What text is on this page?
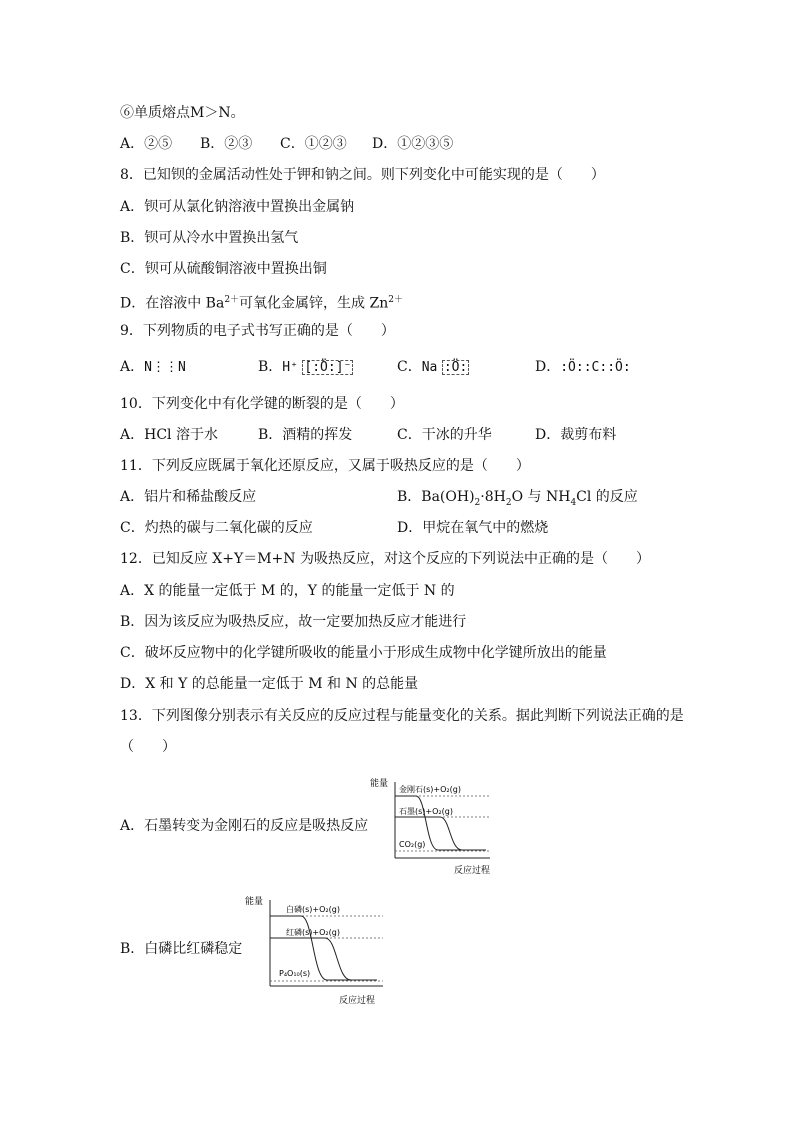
⑥单质熔点M＞N。
A．②⑤ B．②③ C．①②③ D．①②③⑤
8．已知钡的金属活动性处于钾和钠之间。则下列变化中可能实现的是（　　）
A．钡可从氯化钠溶液中置换出金属钠
B．钡可从冷水中置换出氢气
C．钡可从硫酸铜溶液中置换出铜
D．在溶液中 $Ba^{2+}$可氧化金属锌，生成 $Zn^{2+}$
9．下列物质的电子式书写正确的是（　　）
A．N⋮⋮N	B．H⁺ [:Ö:]⁻	C．Na :Ö:	D．:Ö::C::Ö:
10．下列变化中有化学键的断裂的是（　　）
A．HCl 溶于水	B．酒精的挥发	C．干冰的升华	D．裁剪布料
11．下列反应既属于氧化还原反应，又属于吸热反应的是（　　）
A．铝片和稀盐酸反应	B．$Ba(OH)_2\cdot 8H_2O$ 与 $NH_4Cl$ 的反应
C．灼热的碳与二氧化碳的反应	D．甲烷在氧气中的燃烧
12．已知反应 X+Y＝M+N 为吸热反应，对这个反应的下列说法中正确的是（　　）
A．X 的能量一定低于 M 的，Y 的能量一定低于 N 的
B．因为该反应为吸热反应，故一定要加热反应才能进行
C．破坏反应物中的化学键所吸收的能量小于形成生成物中化学键所放出的能量
D．X 和 Y 的总能量一定低于 M 和 N 的总能量
13．下列图像分别表示有关反应的反应过程与能量变化的关系。据此判断下列说法正确的是
（　　）
A．石墨转变为金刚石的反应是吸热反应
能量
反应过程
金刚石(s)+O₂(g)
石墨(s)+O₂(g)
CO₂(g)
B．白磷比红磷稳定
能量
反应过程
白磷(s)+O₂(g)
红磷(s)+O₂(g)
P₄O₁₀(s)
